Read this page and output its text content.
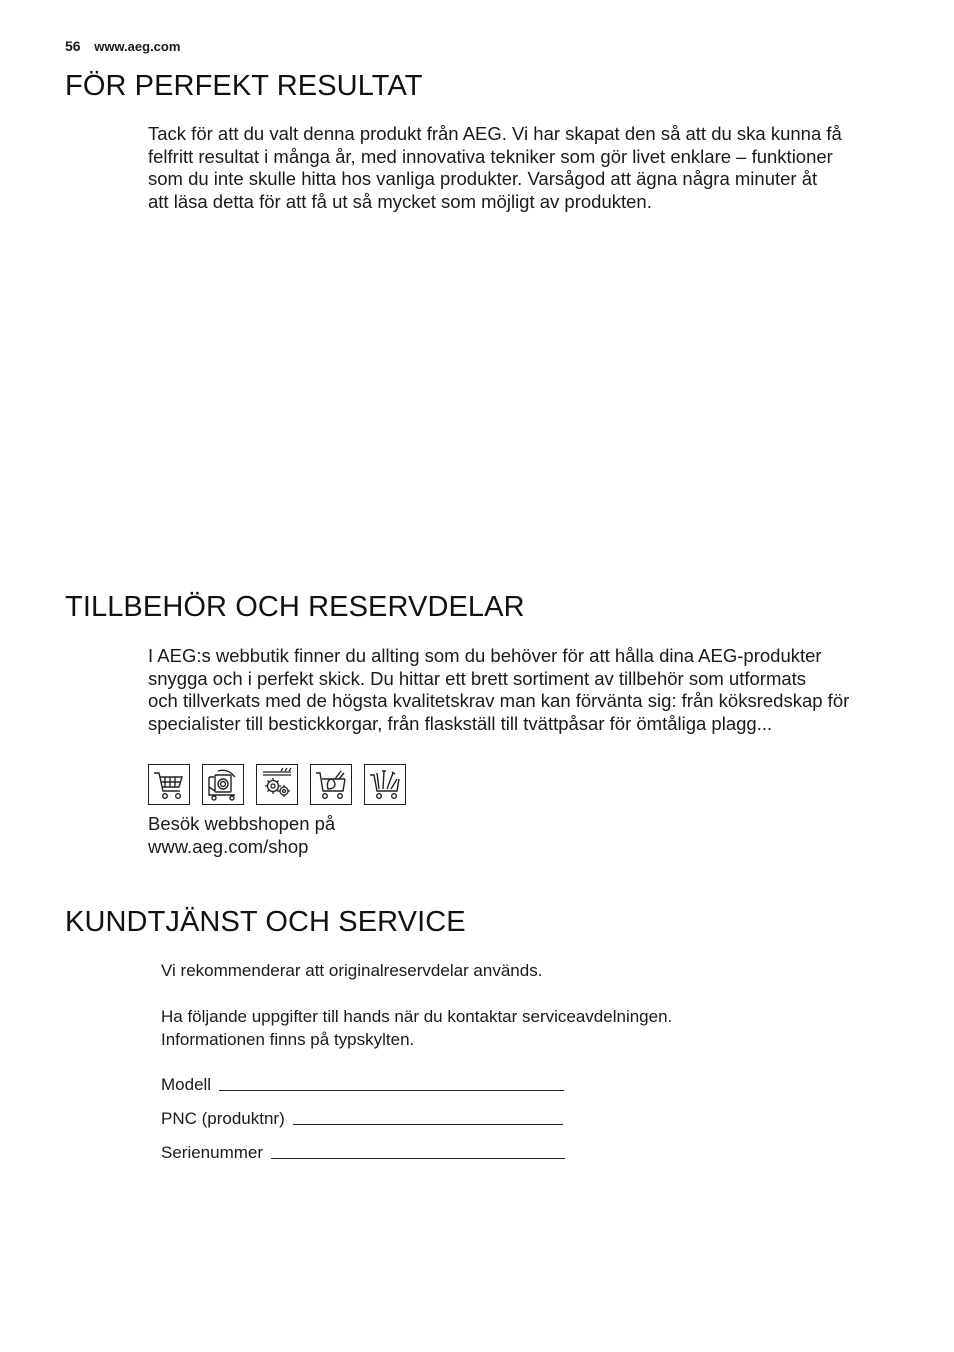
56 www.aeg.com
FÖR PERFEKT RESULTAT
Tack för att du valt denna produkt från AEG. Vi har skapat den så att du ska kunna få
felfritt resultat i många år, med innovativa tekniker som gör livet enklare – funktioner
som du inte skulle hitta hos vanliga produkter. Varsågod att ägna några minuter åt
att läsa detta för att få ut så mycket som möjligt av produkten.
TILLBEHÖR OCH RESERVDELAR
I AEG:s webbutik finner du allting som du behöver för att hålla dina AEG-produkter
snygga och i perfekt skick. Du hittar ett brett sortiment av tillbehör som utformats
och tillverkats med de högsta kvalitetskrav man kan förvänta sig: från köksredskap för
specialister till bestickkorgar, från flaskställ till tvättpåsar för ömtåliga plagg...
Besök webbshopen på
www.aeg.com/shop
KUNDTJÄNST OCH SERVICE
Vi rekommenderar att originalreservdelar används.
Ha följande uppgifter till hands när du kontaktar serviceavdelningen.
Informationen finns på typskylten.
Modell
PNC (produktnr)
Serienummer
